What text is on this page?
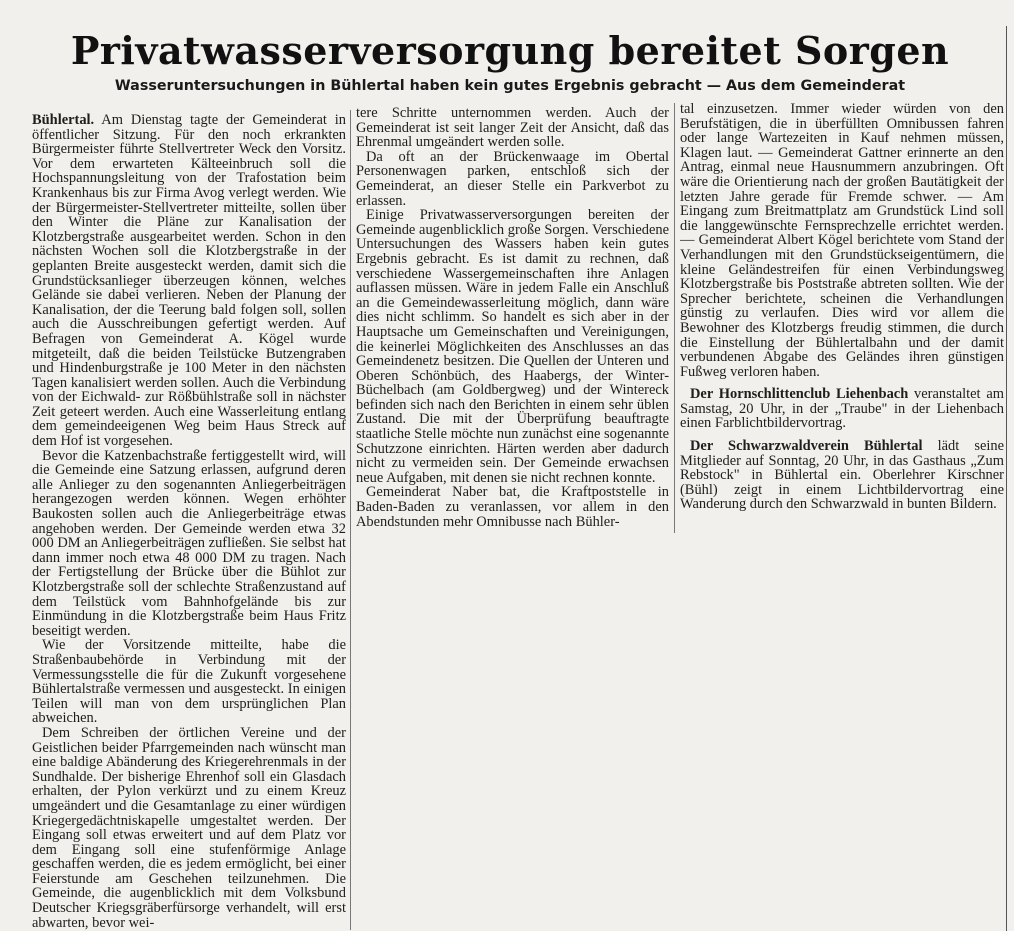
Privatwasserversorgung bereitet Sorgen
Wasseruntersuchungen in Bühlertal haben kein gutes Ergebnis gebracht — Aus dem Gemeinderat

Bühlertal. Am Dienstag tagte der Gemeinderat in öffentlicher Sitzung. Für den noch erkrankten Bürgermeister führte Stellvertreter Weck den Vorsitz. Vor dem erwarteten Kälteeinbruch soll die Hochspannungsleitung von der Trafostation beim Krankenhaus bis zur Firma Avog verlegt werden. Wie der Bürgermeister-Stellvertreter mitteilte, sollen über den Winter die Pläne zur Kanalisation der Klotzbergstraße ausgearbeitet werden. Schon in den nächsten Wochen soll die Klotzbergstraße in der geplanten Breite ausgesteckt werden, damit sich die Grundstücksanlieger überzeugen können, welches Gelände sie dabei verlieren. Neben der Planung der Kanalisation, der die Teerung bald folgen soll, sollen auch die Ausschreibungen gefertigt werden. Auf Befragen von Gemeinderat A. Kögel wurde mitgeteilt, daß die beiden Teilstücke Butzengraben und Hindenburgstraße je 100 Meter in den nächsten Tagen kanalisiert werden sollen. Auch die Verbindung von der Eichwald- zur Rößbühlstraße soll in nächster Zeit geteert werden. Auch eine Wasserleitung entlang dem gemeindeeigenen Weg beim Haus Streck auf dem Hof ist vorgesehen.

Bevor die Katzenbachstraße fertiggestellt wird, will die Gemeinde eine Satzung erlassen, aufgrund deren alle Anlieger zu den sogenannten Anliegerbeiträgen herangezogen werden können. Wegen erhöhter Baukosten sollen auch die Anliegerbeiträge etwas angehoben werden. Der Gemeinde werden etwa 32 000 DM an Anliegerbeiträgen zufließen. Sie selbst hat dann immer noch etwa 48 000 DM zu tragen. Nach der Fertigstellung der Brücke über die Bühlot zur Klotzbergstraße soll der schlechte Straßenzustand auf dem Teilstück vom Bahnhofgelände bis zur Einmündung in die Klotzbergstraße beim Haus Fritz beseitigt werden.

Wie der Vorsitzende mitteilte, habe die Straßenbaubehörde in Verbindung mit der Vermessungsstelle die für die Zukunft vorgesehene Bühlertalstraße vermessen und ausgesteckt. In einigen Teilen will man von dem ursprünglichen Plan abweichen.

Dem Schreiben der örtlichen Vereine und der Geistlichen beider Pfarrgemeinden nach wünscht man eine baldige Abänderung des Kriegerehrenmals in der Sundhalde. Der bisherige Ehrenhof soll ein Glasdach erhalten, der Pylon verkürzt und zu einem Kreuz umgeändert und die Gesamtanlage zu einer würdigen Kriegergedächtniskapelle umgestaltet werden. Der Eingang soll etwas erweitert und auf dem Platz vor dem Eingang soll eine stufenförmige Anlage geschaffen werden, die es jedem ermöglicht, bei einer Feierstunde am Geschehen teilzunehmen. Die Gemeinde, die augenblicklich mit dem Volksbund Deutscher Kriegsgräberfürsorge verhandelt, will erst abwarten, bevor wei-

tere Schritte unternommen werden. Auch der Gemeinderat ist seit langer Zeit der Ansicht, daß das Ehrenmal umgeändert werden solle.

Da oft an der Brückenwaage im Obertal Personenwagen parken, entschloß sich der Gemeinderat, an dieser Stelle ein Parkverbot zu erlassen.

Einige Privatwasserversorgungen bereiten der Gemeinde augenblicklich große Sorgen. Verschiedene Untersuchungen des Wassers haben kein gutes Ergebnis gebracht. Es ist damit zu rechnen, daß verschiedene Wassergemeinschaften ihre Anlagen auflassen müssen. Wäre in jedem Falle ein Anschluß an die Gemeindewasserleitung möglich, dann wäre dies nicht schlimm. So handelt es sich aber in der Hauptsache um Gemeinschaften und Vereinigungen, die keinerlei Möglichkeiten des Anschlusses an das Gemeindenetz besitzen. Die Quellen der Unteren und Oberen Schönbüch, des Haabergs, der Winter-Büchelbach (am Goldbergweg) und der Wintereck befinden sich nach den Berichten in einem sehr üblen Zustand. Die mit der Überprüfung beauftragte staatliche Stelle möchte nun zunächst eine sogenannte Schutzzone einrichten. Härten werden aber dadurch nicht zu vermeiden sein. Der Gemeinde erwachsen neue Aufgaben, mit denen sie nicht rechnen konnte.

Gemeinderat Naber bat, die Kraftpoststelle in Baden-Baden zu veranlassen, vor allem in den Abendstunden mehr Omnibusse nach Bühler-

tal einzusetzen. Immer wieder würden von den Berufstätigen, die in überfüllten Omnibussen fahren oder lange Wartezeiten in Kauf nehmen müssen, Klagen laut. — Gemeinderat Gattner erinnerte an den Antrag, einmal neue Hausnummern anzubringen. Oft wäre die Orientierung nach der großen Bautätigkeit der letzten Jahre gerade für Fremde schwer. — Am Eingang zum Breitmattplatz am Grundstück Lind soll die langgewünschte Fernsprechzelle errichtet werden. — Gemeinderat Albert Kögel berichtete vom Stand der Verhandlungen mit den Grundstückseigentümern, die kleine Geländestreifen für einen Verbindungsweg Klotzbergstraße bis Poststraße abtreten sollten. Wie der Sprecher berichtete, scheinen die Verhandlungen günstig zu verlaufen. Dies wird vor allem die Bewohner des Klotzbergs freudig stimmen, die durch die Einstellung der Bühlertalbahn und der damit verbundenen Abgabe des Geländes ihren günstigen Fußweg verloren haben.

Der Hornschlittenclub Liehenbach veranstaltet am Samstag, 20 Uhr, in der „Traube" in der Liehenbach einen Farblichtbildervortrag.

Der Schwarzwaldverein Bühlertal lädt seine Mitglieder auf Sonntag, 20 Uhr, in das Gasthaus „Zum Rebstock" in Bühlertal ein. Oberlehrer Kirschner (Bühl) zeigt in einem Lichtbildervortrag eine Wanderung durch den Schwarzwald in bunten Bildern.
